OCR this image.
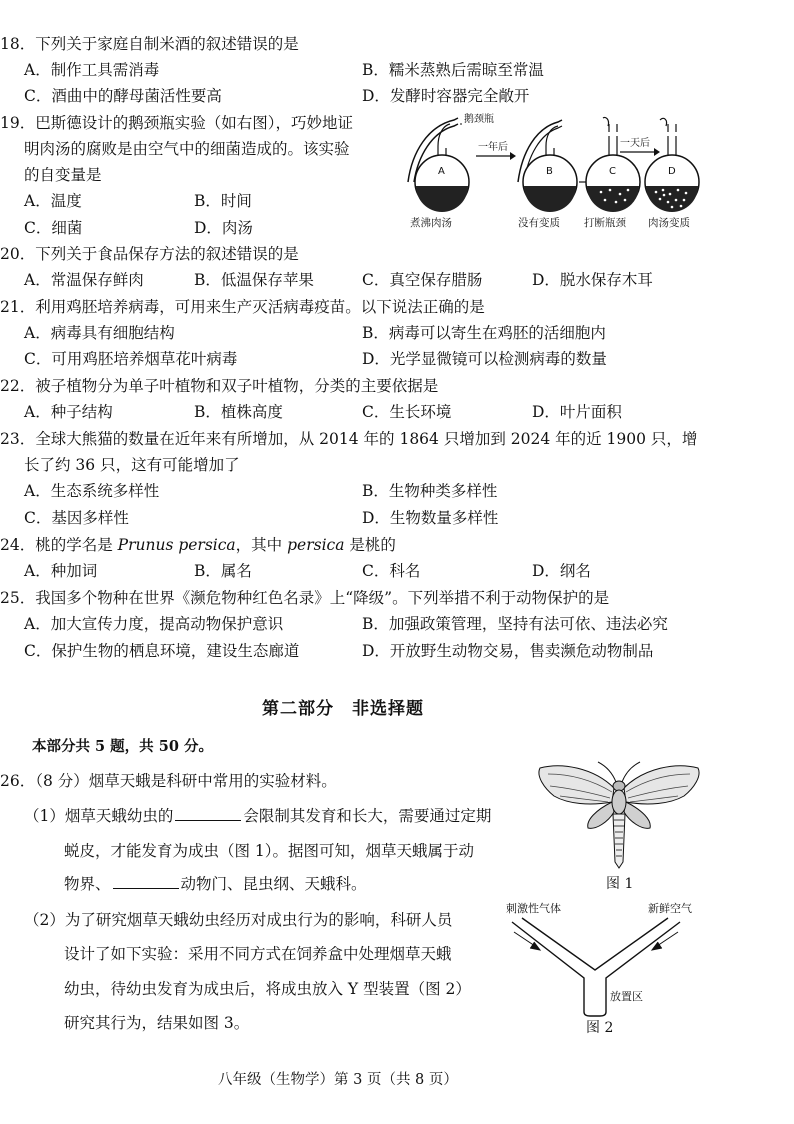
18．下列关于家庭自制米酒的叙述错误的是
A．制作工具需消毒	B．糯米蒸熟后需晾至常温
C．酒曲中的酵母菌活性要高	D．发酵时容器完全敞开
19．巴斯德设计的鹅颈瓶实验（如右图），巧妙地证
明肉汤的腐败是由空气中的细菌造成的。该实验
的自变量是
A．温度	B．时间
C．细菌	D．肉汤
A
鹅颈瓶
一年后
B	C
一天后
D
煮沸肉汤	没有变质 打断瓶颈 肉汤变质
20．下列关于食品保存方法的叙述错误的是
A．常温保存鲜肉	B．低温保存苹果	C．真空保存腊肠	D．脱水保存木耳
21．利用鸡胚培养病毒，可用来生产灭活病毒疫苗。以下说法正确的是
A．病毒具有细胞结构	B．病毒可以寄生在鸡胚的活细胞内
C．可用鸡胚培养烟草花叶病毒	D．光学显微镜可以检测病毒的数量
22．被子植物分为单子叶植物和双子叶植物，分类的主要依据是
A．种子结构	B．植株高度	C．生长环境	D．叶片面积
23．全球大熊猫的数量在近年来有所增加，从 2014 年的 1864 只增加到 2024 年的近 1900 只，增
长了约 36 只，这有可能增加了
A．生态系统多样性	B．生物种类多样性
C．基因多样性	D．生物数量多样性
24．桃的学名是 Prunus persica，其中 persica 是桃的
A．种加词	B．属名	C．科名	D．纲名
25．我国多个物种在世界《濒危物种红色名录》上“降级”。下列举措不利于动物保护的是
A．加大宣传力度，提高动物保护意识	B．加强政策管理，坚持有法可依、违法必究
C．保护生物的栖息环境，建设生态廊道	D．开放野生动物交易，售卖濒危动物制品
第二部分　非选择题
本部分共 5 题，共 50 分。
26．（8 分）烟草天蛾是科研中常用的实验材料。
（1）烟草天蛾幼虫的	会限制其发育和长大，需要通过定期
蜕皮，才能发育为成虫（图 1）。据图可知，烟草天蛾属于动
物界、	动物门、昆虫纲、天蛾科。
（2）为了研究烟草天蛾幼虫经历对成虫行为的影响，科研人员
设计了如下实验：采用不同方式在饲养盒中处理烟草天蛾
幼虫，待幼虫发育为成虫后，将成虫放入 Y 型装置（图 2）
研究其行为，结果如图 3。
图 1
刺激性气体	新鲜空气
放置区
图 2
八年级（生物学）第 3 页（共 8 页）
